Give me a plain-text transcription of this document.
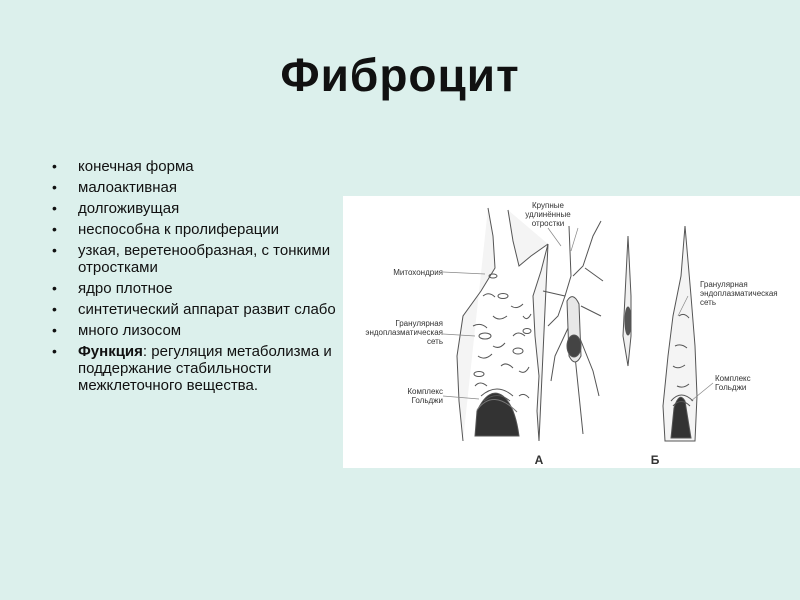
Фиброцит
• конечная форма
• малоактивная
• долгоживущая
• неспособна к пролиферации
• узкая, веретенообразная, с тонкими отростками
• ядро плотное
• синтетический аппарат развит слабо
• много лизосом
• Функция: регуляция метаболизма и поддержание стабильности межклеточного вещества.
Крупные
удлинённые
отростки
Митохондрия
Гранулярная
эндоплазматическая
сеть
Комплекс
Гольджи
Гранулярная
эндоплазматическая
сеть
Комплекс
Гольджи
А	Б
